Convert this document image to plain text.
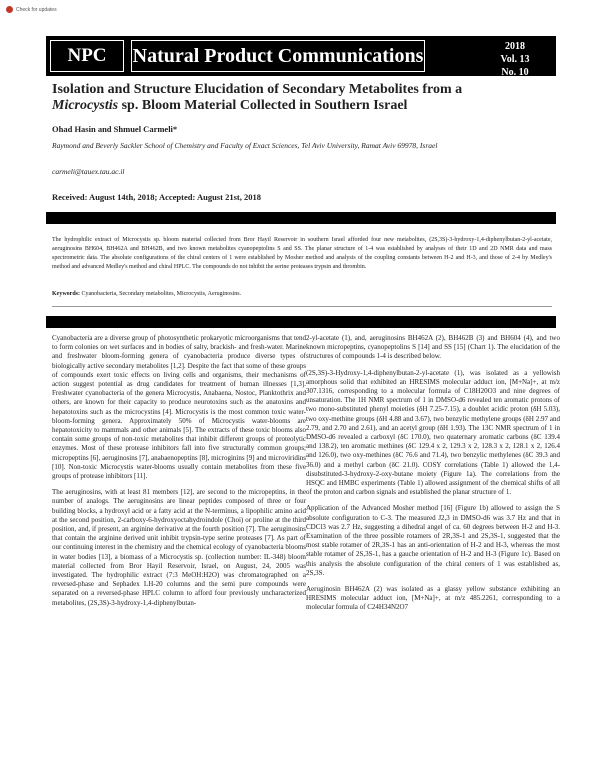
Check for updates
NPC	Natural Product Communications	2018
Vol. 13
No. 10
1313 - 1318
Isolation and Structure Elucidation of Secondary Metabolites from a
Microcystis sp. Bloom Material Collected in Southern Israel
Ohad Hasin and Shmuel Carmeli*
Raymond and Beverly Sackler School of Chemistry and Faculty of Exact Sciences, Tel Aviv University, Ramat Aviv 69978, Israel
carmeli@tauex.tau.ac.il
Received: August 14th, 2018; Accepted: August 21st, 2018
The hydrophilic extract of Microcystis sp. bloom material collected from Bror Hayil Reservoir in southern Israel afforded four new metabolites, (2S,3S)-3-hydroxy-1,4-diphenylbutan-2-yl-acetate, aeruginosins BH604, BH462A and BH462B, and two known metabolites cyanopeptolins S and SS. The planar structure of 1-4 was established by analyses of their 1D and 2D NMR data and mass spectrometric data. The absolute configurations of the chiral centers of 1 were established by Mosher method and analysis of the coupling constants between H-2 and H-3, and those of 2-4 by Medley's method and advanced Medley's method and chiral HPLC. The compounds do not inhibit the serine proteases trypsin and thrombin.
Keywords: Cyanobacteria, Secondary metabolites, Microcystis, Aeruginosins.

Cyanobacteria are a diverse group of photosynthetic prokaryotic microorganisms that tend to form colonies on wet surfaces and in bodies of salty, brackish- and fresh-water. Marine and freshwater bloom-forming genera of cyanobacteria produce diverse types of biologically active secondary metabolites [1,2]. Despite the fact that some of these groups of compounds exert toxic effects on living cells and organisms, their mechanisms of action suggest potential as drug candidates for treatment of human illnesses [1,3]. Freshwater cyanobacteria of the genera Microcystis, Anabaena, Nostoc, Planktothrix and others, are known for their capacity to produce neurotoxins such as the anatoxins and hepatotoxins such as the microcystins [4]. Microcystis is the most common toxic water-bloom-forming genera. Approximately 50% of Microcystis water-blooms are hepatotoxicity to mammals and other animals [5]. The extracts of these toxic blooms also contain some groups of non-toxic metabolites that inhibit different groups of proteolytic enzymes. Most of these protease inhibitors fall into five structurally common groups; micropeptins [6], aeruginosins [7], anabaenopeptins [8], microginins [9] and microviridins [10]. Non-toxic Microcystis water-blooms usually contain metabolites from these five groups of protease inhibitors [11].

The aeruginosins, with at least 81 members [12], are second to the micropeptins, in the number of analogs. The aeruginosins are linear peptides composed of three or four building blocks, a hydroxyl acid or a fatty acid at the N-terminus, a lipophilic amino acid at the second position, 2-carboxy-6-hydroxyoctahydroindole (Choi) or proline at the third position, and, if present, an arginine derivative at the fourth position [7]. The aeruginosins that contain the arginine derived unit inhibit trypsin-type serine proteases [7]. As part of our continuing interest in the chemistry and the chemical ecology of cyanobacteria blooms in water bodies [13], a biomass of a Microcystis sp. (collection number: IL-348) bloom material collected from Bror Hayil Reservoir, Israel, on August, 24, 2005 was investigated. The hydrophilic extract (7:3 MeOH:H2O) was chromatographed on a reversed-phase and Sephadex LH-20 columns and the semi pure compounds were separated on a reversed-phase HPLC column to afford four previously uncharacterized metabolites, (2S,3S)-3-hydroxy-1,4-diphenylbutan-

2-yl-acetate (1), and, aeruginosins BH462A (2), BH462B (3) and BH604 (4), and two known micropeptins, cyanopeptolins S [14] and SS [15] (Chart 1). The elucidation of the structures of compounds 1-4 is described below.

(2S,3S)-3-Hydroxy-1,4-diphenylbutan-2-yl-acetate (1), was isolated as a yellowish amorphous solid that exhibited an HRESIMS molecular adduct ion, [M+Na]+, at m/z 307.1316, corresponding to a molecular formula of C18H20O3 and nine degrees of unsaturation. The 1H NMR spectrum of 1 in DMSO-d6 revealed ten aromatic protons of two mono-substituted phenyl moieties (δH 7.25-7.15), a doublet acidic proton (δH 5.03), two oxy-methine groups (δH 4.88 and 3.67), two benzylic methylene groups (δH 2.97 and 2.79, and 2.70 and 2.61), and an acetyl group (δH 1.93). The 13C NMR spectrum of 1 in DMSO-d6 revealed a carboxyl (δC 170.0), two quaternary aromatic carbons (δC 139.4 and 138.2), ten aromatic methines (δC 129.4 x 2, 129.3 x 2, 128.3 x 2, 128.1 x 2, 126.4 and 126.0), two oxy-methines (δC 76.6 and 71.4), two benzylic methylenes (δC 39.3 and 36.0) and a methyl carbon (δC 21.0). COSY correlations (Table 1) allowed the 1,4-disubstituted-3-hydroxy-2-oxy-butane moiety (Figure 1a). The correlations from the HSQC and HMBC experiments (Table 1) allowed assignment of the chemical shifts of all of the proton and carbon signals and established the planar structure of 1.

Application of the Advanced Mosher method [16] (Figure 1b) allowed to assign the S absolute configuration to C-3. The measured J2,3 in DMSO-d6 was 3.7 Hz and that in CDCl3 was 2.7 Hz, suggesting a dihedral angel of ca. 60 degrees between H-2 and H-3. Examination of the three possible rotamers of 2R,3S-1 and 2S,3S-1, suggested that the most stable rotamer of 2R,3S-1 has an anti-orientation of H-2 and H-3, whereas the most stable rotamer of 2S,3S-1, has a gauche orientation of H-2 and H-3 (Figure 1c). Based on this analysis the absolute configuration of the chiral centers of 1 was established as, 2S,3S.

Aeruginosin BH462A (2) was isolated as a glassy yellow substance exhibiting an HRESIMS molecular adduct ion, [M+Na]+, at m/z 485.2261, corresponding to a molecular formula of C24H34N2O7
